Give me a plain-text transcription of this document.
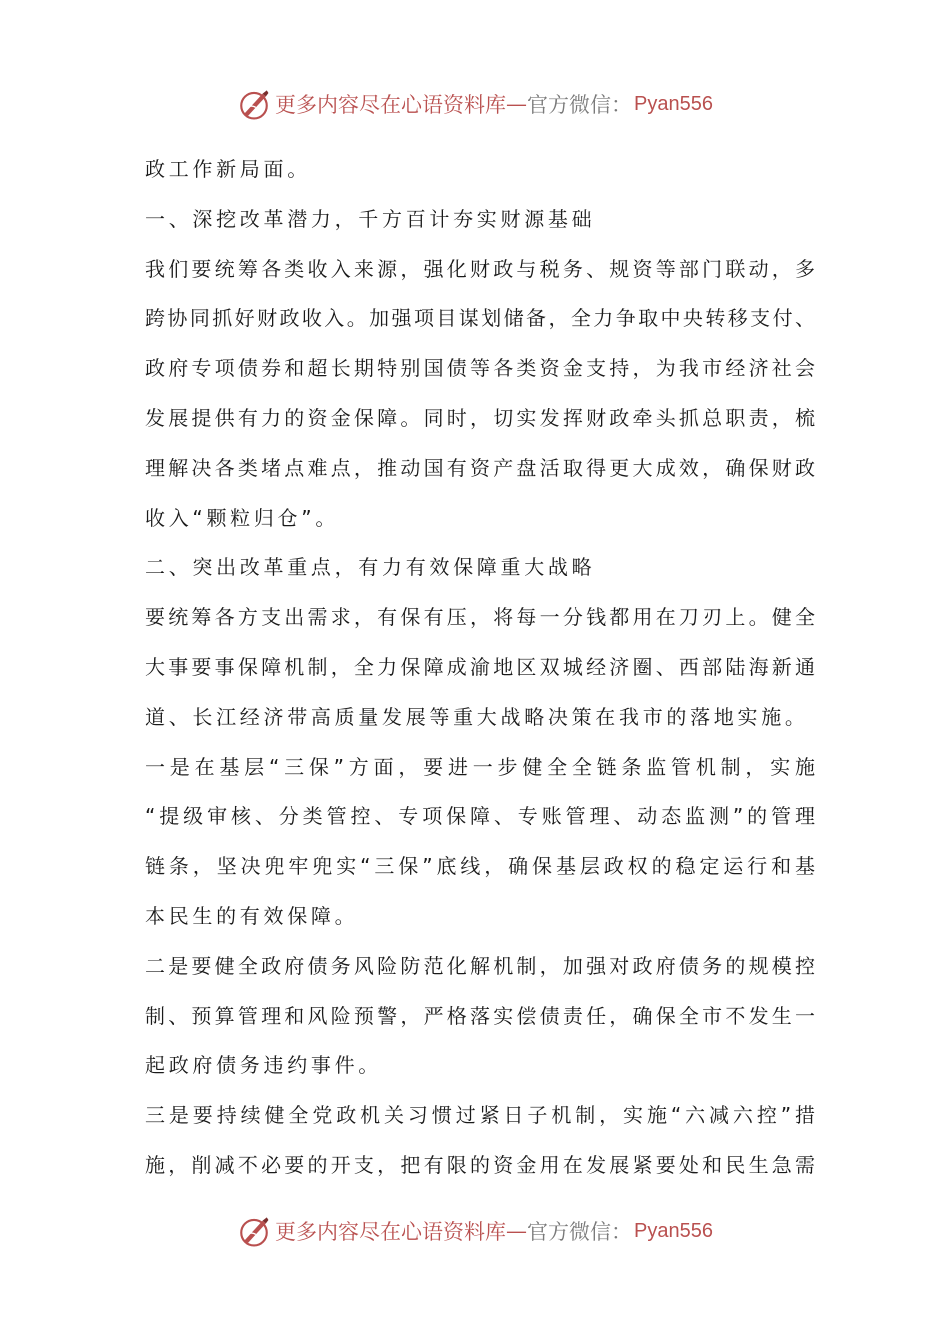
更多内容尽在心语资料库 — 官方微信： Pyan556
政工作新局面。
一、深挖改革潜力，千方百计夯实财源基础
我们要统筹各类收入来源，强化财政与税务、规资等部门联动，多
跨协同抓好财政收入。加强项目谋划储备，全力争取中央转移支付、
政府专项债券和超长期特别国债等各类资金支持，为我市经济社会
发展提供有力的资金保障。同时，切实发挥财政牵头抓总职责，梳
理解决各类堵点难点，推动国有资产盘活取得更大成效，确保财政
收入“颗粒归仓”。
二、突出改革重点，有力有效保障重大战略
要统筹各方支出需求，有保有压，将每一分钱都用在刀刃上。健全
大事要事保障机制，全力保障成渝地区双城经济圈、西部陆海新通
道、长江经济带高质量发展等重大战略决策在我市的落地实施。
一是在基层“三保”方面，要进一步健全全链条监管机制，实施
“提级审核、分类管控、专项保障、专账管理、动态监测”的管理
链条，坚决兜牢兜实“三保”底线，确保基层政权的稳定运行和基
本民生的有效保障。
二是要健全政府债务风险防范化解机制，加强对政府债务的规模控
制、预算管理和风险预警，严格落实偿债责任，确保全市不发生一
起政府债务违约事件。
三是要持续健全党政机关习惯过紧日子机制，实施“六减六控”措
施，削减不必要的开支，把有限的资金用在发展紧要处和民生急需
更多内容尽在心语资料库 — 官方微信： Pyan556
